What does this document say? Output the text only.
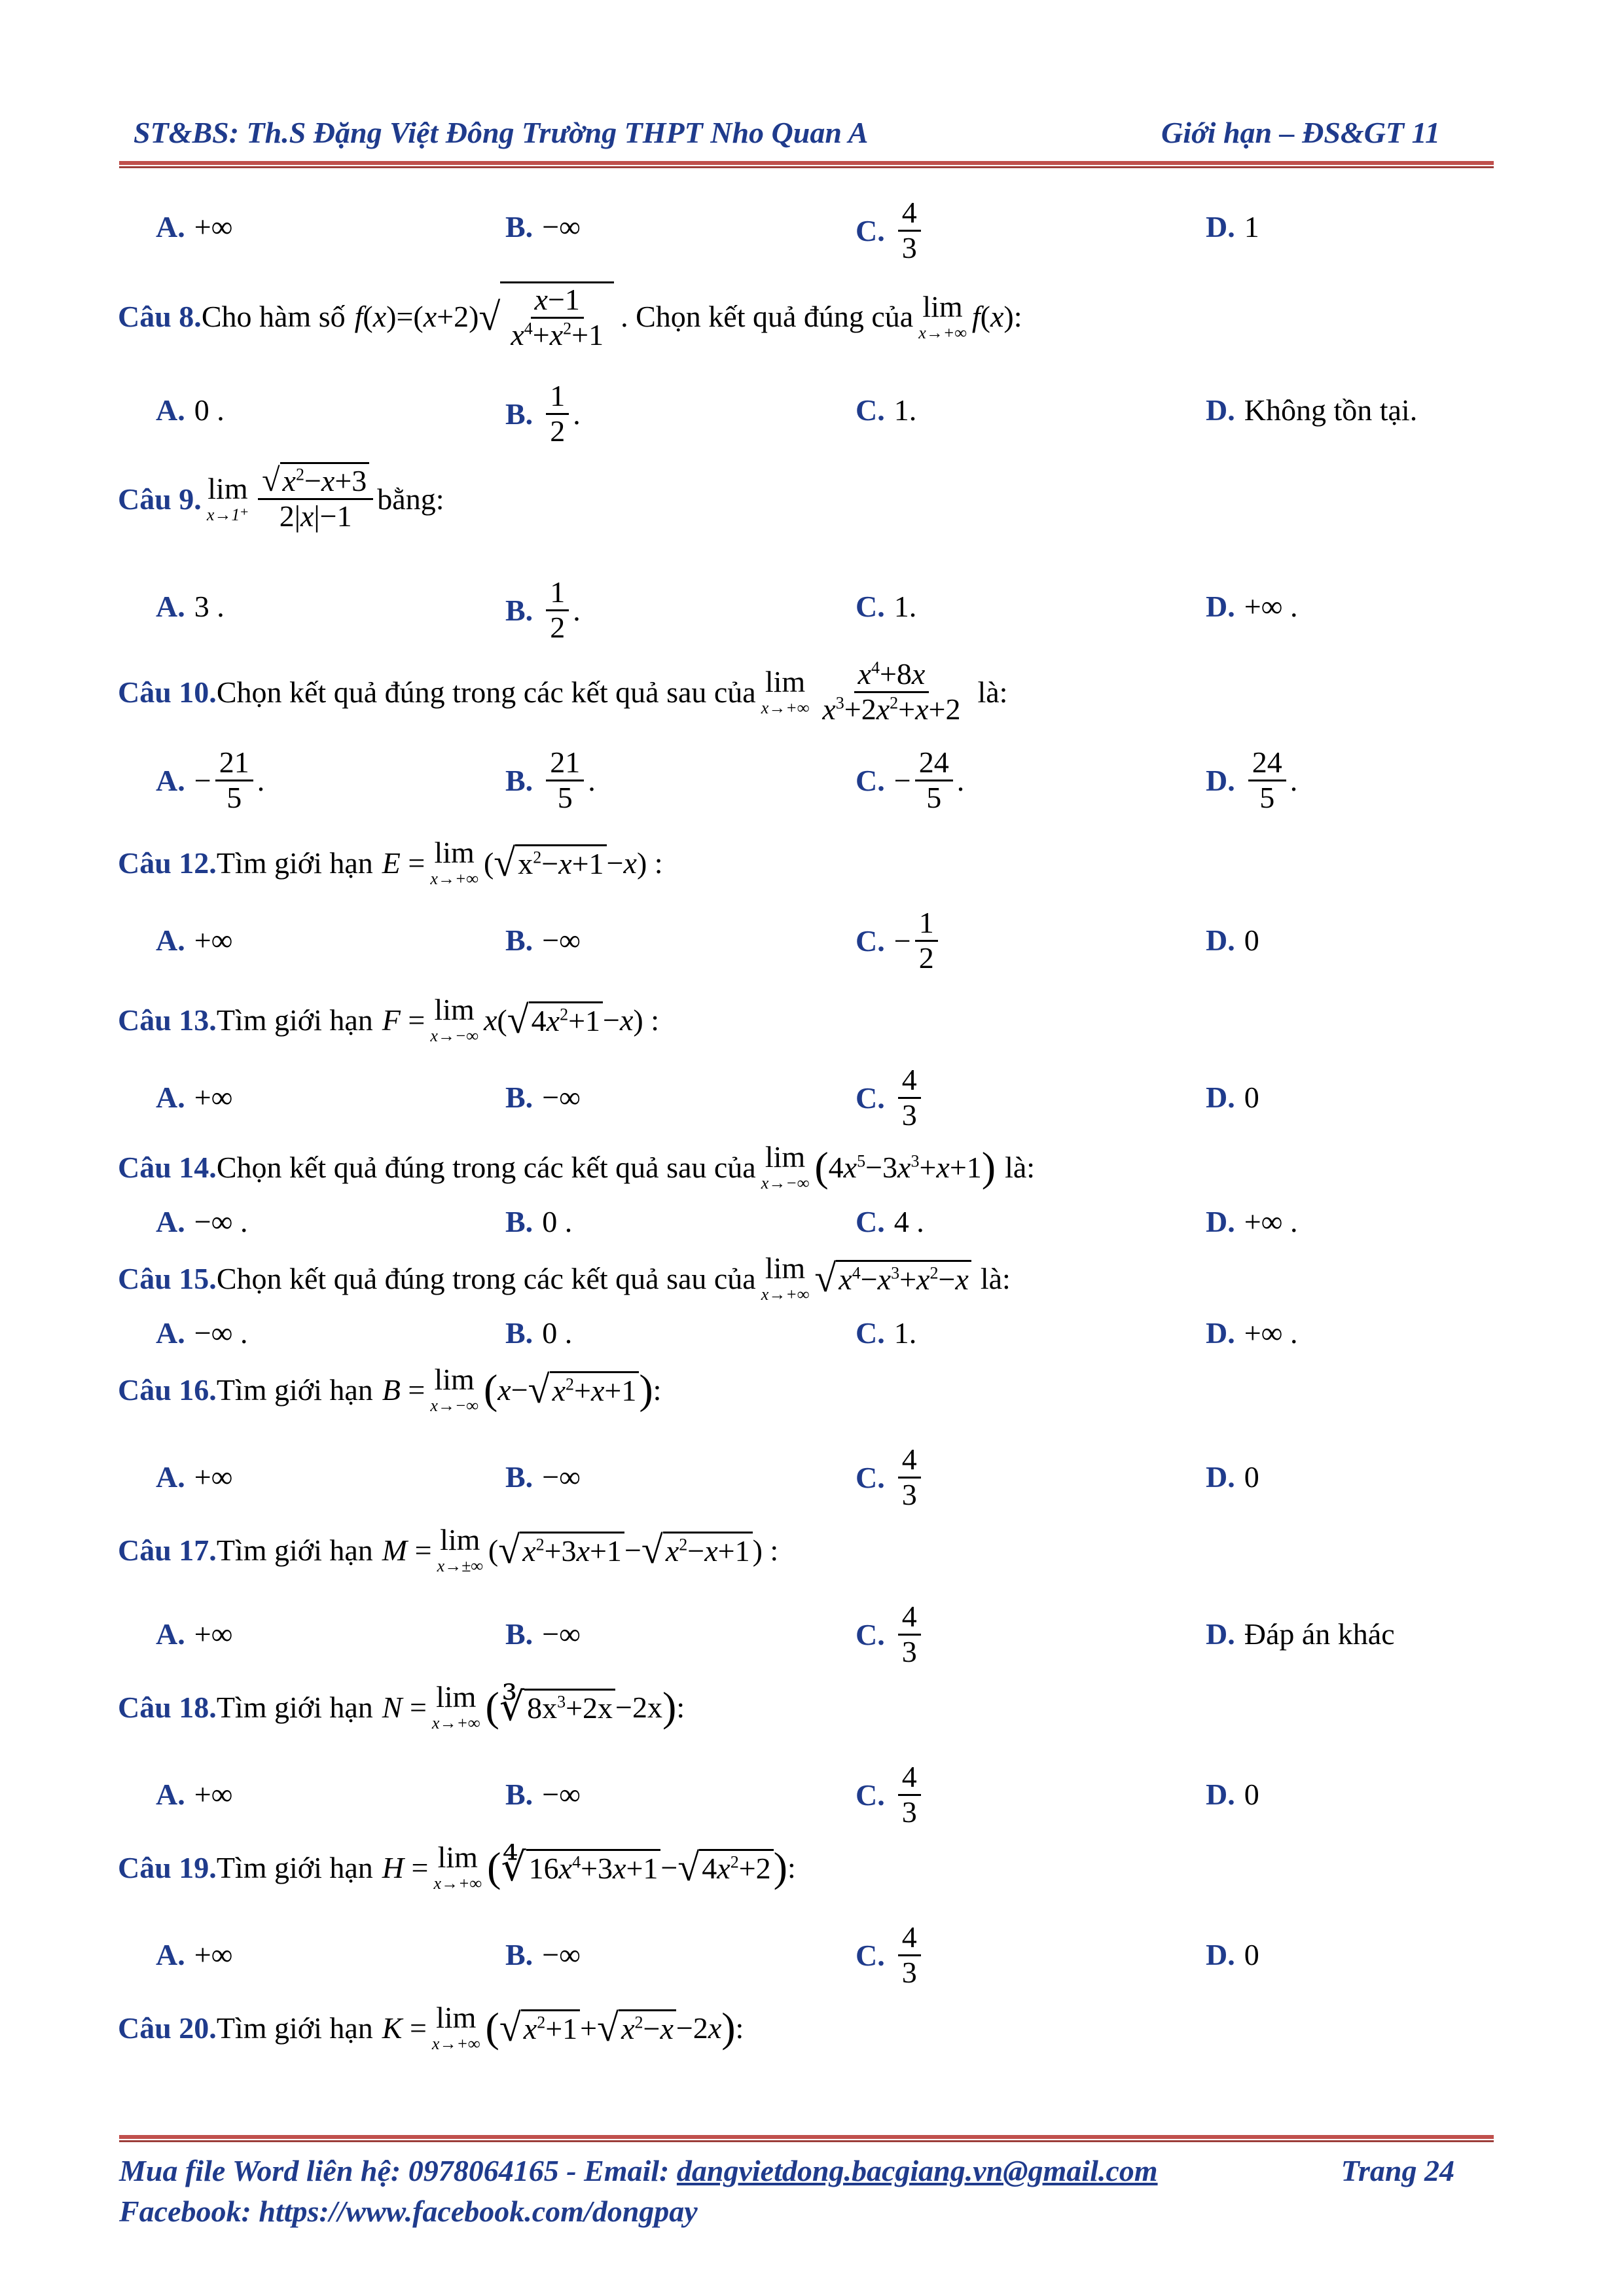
ST&BS: Th.S Đặng Việt Đông Trường THPT Nho Quan A	Giới hạn – ĐS&GT 11
A. +∞	B. −∞	C. $\frac{4}{3}$	D. 1
Câu 8. Cho hàm số f(x)=(x+2) √ $\frac{x-1}{x^4+x^2+1}$ . Chọn kết quả đúng của lim
x→+∞ f(x):
A. 0 .	B. $\frac{1}{2}$ .	C. 1.	D. Không tồn tại.
Câu 9. lim
$x\to 1^+ \frac{√x^2-x+3}{2|x|-1}$ bằng:
A. 3 .	B. $\frac{1}{2}$ .	C. 1.	D. +∞ .
Câu 10. Chọn kết quả đúng trong các kết quả sau của lim
$x\to+\infty \frac{x^4+8x}{x^3+2x^2+x+2}$ là:
A. − $\frac{21}{5}$ .	B. $\frac{21}{5}$ .	C. − $\frac{24}{5}$ .	D. $\frac{24}{5}$ .
Câu 12. Tìm giới hạn E = lim
x→+∞ ( √ $x^2-x+1 -x$) :
A. +∞	B. −∞	C. − $\frac{1}{2}$	D. 0
Câu 13. Tìm giới hạn F = lim
x→−∞ x ( √ $4x^2+1 -x$) :
A. +∞	B. −∞	C. $\frac{4}{3}$	D. 0
Câu 14. Chọn kết quả đúng trong các kết quả sau của lim
x→−∞ ( $4x^5-3x^3+x+1$ ) là:
A. −∞ .	B. 0 .	C. 4 .	D. +∞ .
Câu 15. Chọn kết quả đúng trong các kết quả sau của lim
x→+∞ √ $x^4-x^3+x^2-x$ là:
A. −∞ .	B. 0 .	C. 1.	D. +∞ .
Câu 16. Tìm giới hạn B = lim
x→−∞ ( x − √ $x^2+x+1$ ) :
A. +∞	B. −∞	C. $\frac{4}{3}$	D. 0
Câu 17. Tìm giới hạn M = lim
x→±∞ ( √ $x^2+3x+1$ − √ $x^2-x+1$ ) :
A. +∞	B. −∞	C. $\frac{4}{3}$	D. Đáp án khác
Câu 18. Tìm giới hạn N = lim
x→+∞ ( ∛ $8x^3+2x -2x$ ) :
A. +∞	B. −∞	C. $\frac{4}{3}$	D. 0
Câu 19. Tìm giới hạn H = lim
x→+∞ ( ∜ $16x^4+3x+1$ − √ $4x^2+2$ ) :
A. +∞	B. −∞	C. $\frac{4}{3}$	D. 0
Câu 20. Tìm giới hạn K = lim
x→+∞ ( √ $x^2+1$ + √ $x^2-x -2x$ ) :
Mua file Word liên hệ: 0978064165 - Email: dangvietdong.bacgiang.vn@gmail.com	Trang 24
Facebook: https://www.facebook.com/dongpay
